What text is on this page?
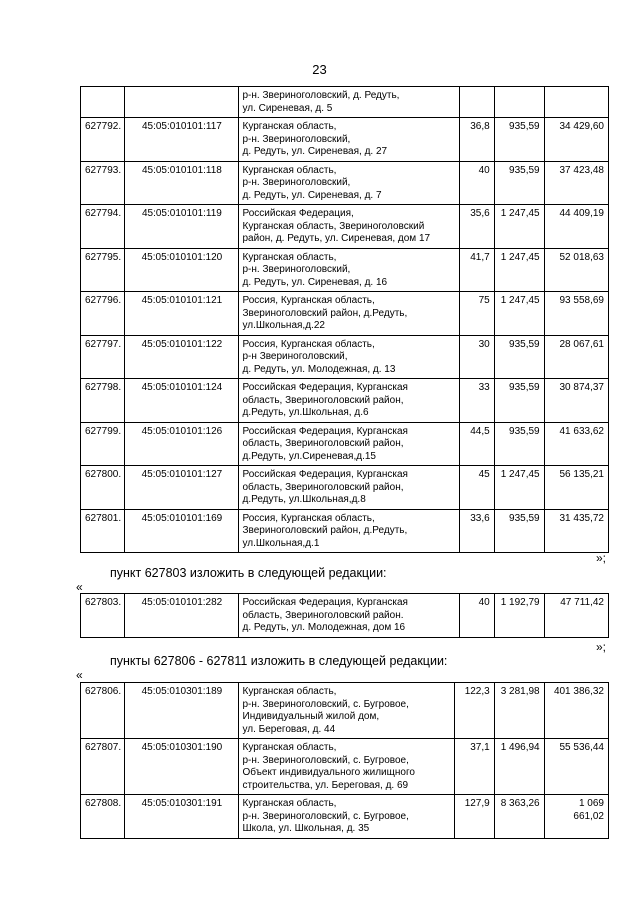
23

		р-н. Звериноголовский, д. Редуть,
ул. Сиреневая, д. 5			

627792.	45:05:010101:117	Курганская область,
р-н. Звериноголовский,
д. Редуть, ул. Сиреневая, д. 27	36,8	935,59	34 429,60
627793.	45:05:010101:118	Курганская область,
р-н. Звериноголовский,
д. Редуть, ул. Сиреневая, д. 7	40	935,59	37 423,48
627794.	45:05:010101:119	Российская Федерация,
Курганская область, Звериноголовский
район, д. Редуть, ул. Сиреневая, дом 17	35,6	1 247,45	44 409,19
627795.	45:05:010101:120	Курганская область,
р-н. Звериноголовский,
д. Редуть, ул. Сиреневая, д. 16	41,7	1 247,45	52 018,63
627796.	45:05:010101:121	Россия, Курганская область,
Звериноголовский район, д.Редуть,
ул.Школьная,д.22	75	1 247,45	93 558,69
627797.	45:05:010101:122	Россия, Курганская область,
р-н Звериноголовский,
д. Редуть, ул. Молодежная, д. 13	30	935,59	28 067,61
627798.	45:05:010101:124	Российская Федерация, Курганская
область, Звериноголовский район,
д.Редуть, ул.Школьная, д.6	33	935,59	30 874,37
627799.	45:05:010101:126	Российская Федерация, Курганская
область, Звериноголовский район,
д.Редуть, ул.Сиреневая,д.15	44,5	935,59	41 633,62
627800.	45:05:010101:127	Российская Федерация, Курганская
область, Звериноголовский район,
д.Редуть, ул.Школьная,д.8	45	1 247,45	56 135,21
627801.	45:05:010101:169	Россия, Курганская область,
Звериноголовский район, д.Редуть,
ул.Школьная,д.1	33,6	935,59	31 435,72
»;
пункт 627803 изложить в следующей редакции:
«
627803.	45:05:010101:282	Российская Федерация, Курганская
область, Звериноголовский район.
д. Редуть, ул. Молодежная, дом 16
	40	1 192,79	47 711,42
»;
пункты 627806 - 627811 изложить в следующей редакции:
«
627806.	45:05:010301:189	Курганская область,
р-н. Звериноголовский, с. Бугровое,
Индивидуальный жилой дом,
ул. Береговая, д. 44	122,3	3 281,98	401 386,32
627807.	45:05:010301:190	Курганская область,
р-н. Звериноголовский, с. Бугровое,
Объект индивидуального жилищного
строительства, ул. Береговая, д. 69	37,1	1 496,94	55 536,44
627808.	45:05:010301:191	Курганская область,
р-н. Звериноголовский, с. Бугровое,
Школа, ул. Школьная, д. 35	127,9	8 363,26	1 069 661,02
